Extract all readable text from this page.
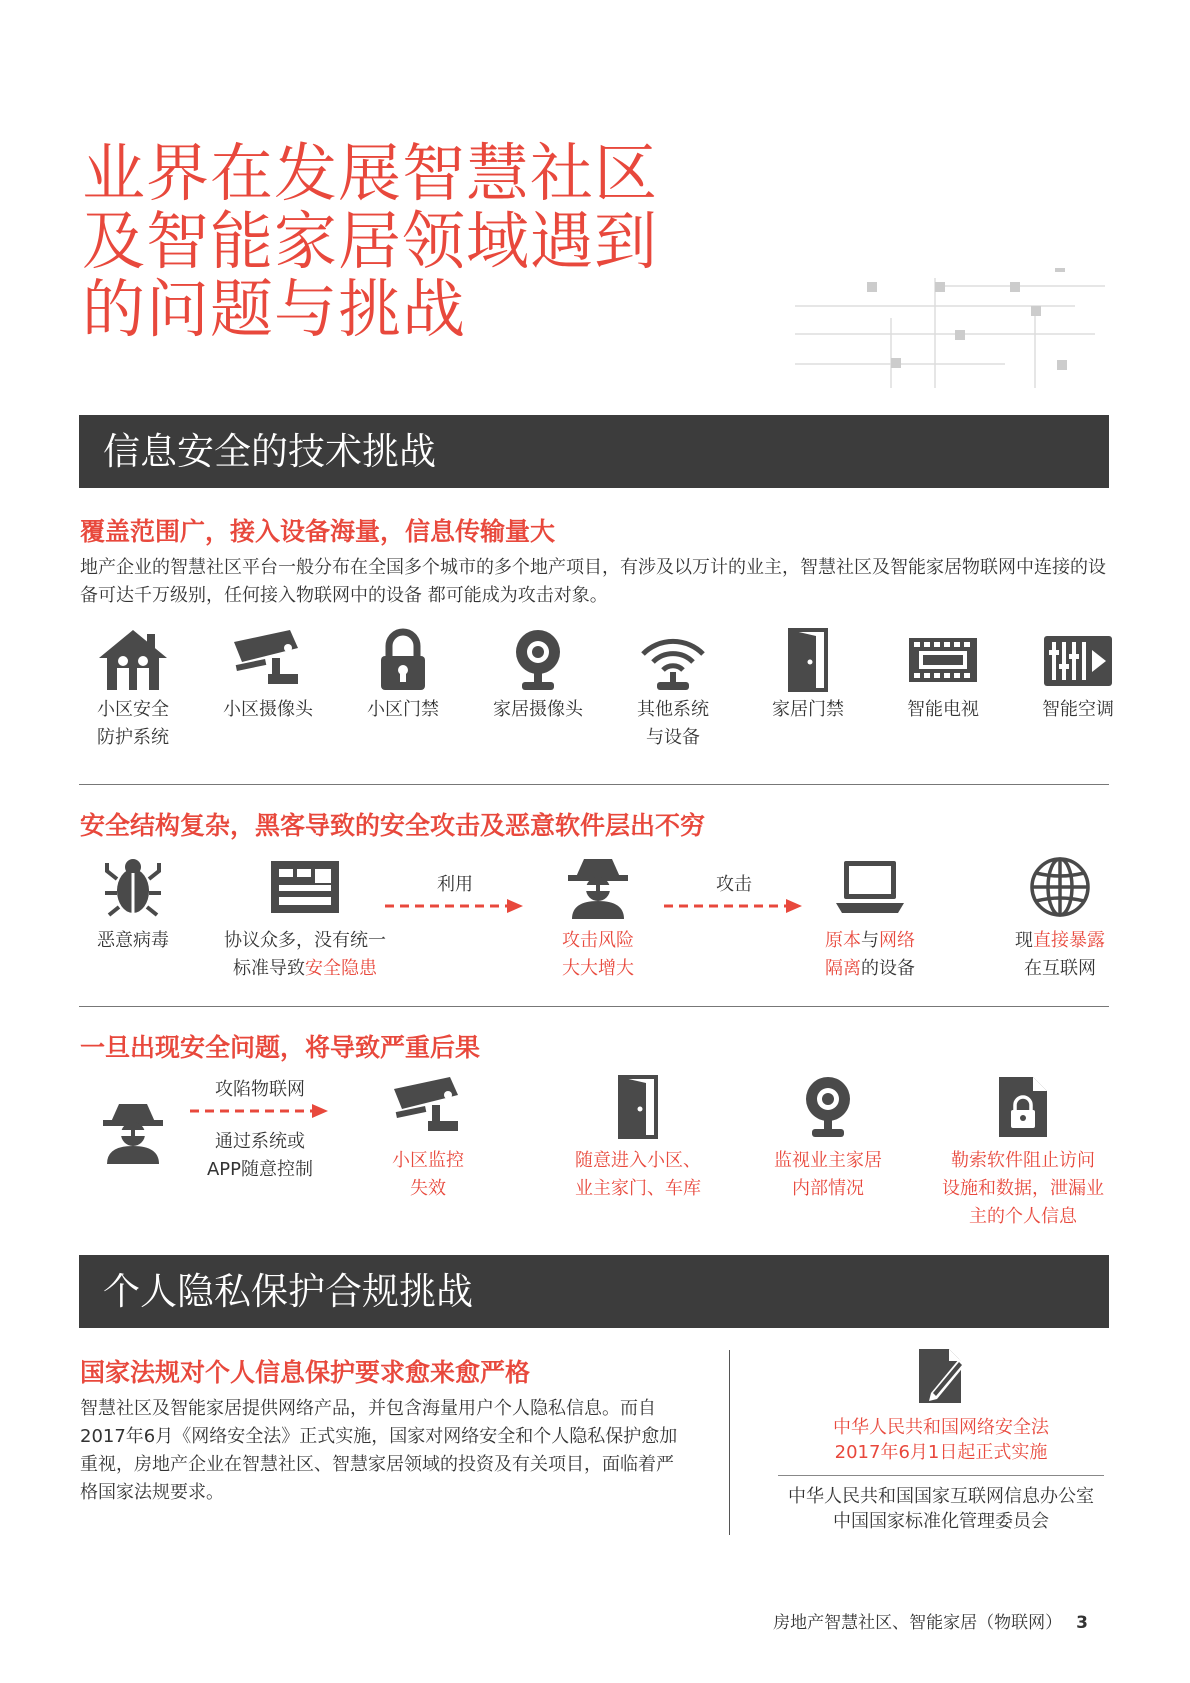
业界在发展智慧社区
及智能家居领域遇到
的问题与挑战
信息安全的技术挑战
覆盖范围广，接入设备海量，信息传输量大
地产企业的智慧社区平台一般分布在全国多个城市的多个地产项目，有涉及以万计的业主，智慧社区及智能家居物联网中连接的设备可达千万级别，任何接入物联网中的设备 都可能成为攻击对象。
小区安全
防护系统
小区摄像头	小区门禁	家居摄像头	其他系统
与设备
家居门禁	智能电视	智能空调
安全结构复杂，黑客导致的安全攻击及恶意软件层出不穷
恶意病毒	协议众多，没有统一
标准导致安全隐患
利用
攻击风险
大大增大
攻击
原本与网络
隔离的设备
现直接暴露
在互联网
一旦出现安全问题，将导致严重后果
攻陷物联网
通过系统或
APP随意控制	小区监控
失效
随意进入小区、
业主家门、车库
监视业主家居
内部情况
勒索软件阻止访问
设施和数据，泄漏业
主的个人信息
个人隐私保护合规挑战
国家法规对个人信息保护要求愈来愈严格
智慧社区及智能家居提供网络产品，并包含海量用户个人隐私信息。而自2017年6月《网络安全法》正式实施，国家对网络安全和个人隐私保护愈加重视，房地产企业在智慧社区、智慧家居领域的投资及有关项目，面临着严格国家法规要求。
中华人民共和国网络安全法
2017年6月1日起正式实施
中华人民共和国国家互联网信息办公室
中国国家标准化管理委员会
房地产智慧社区、智能家居（物联网） 3
